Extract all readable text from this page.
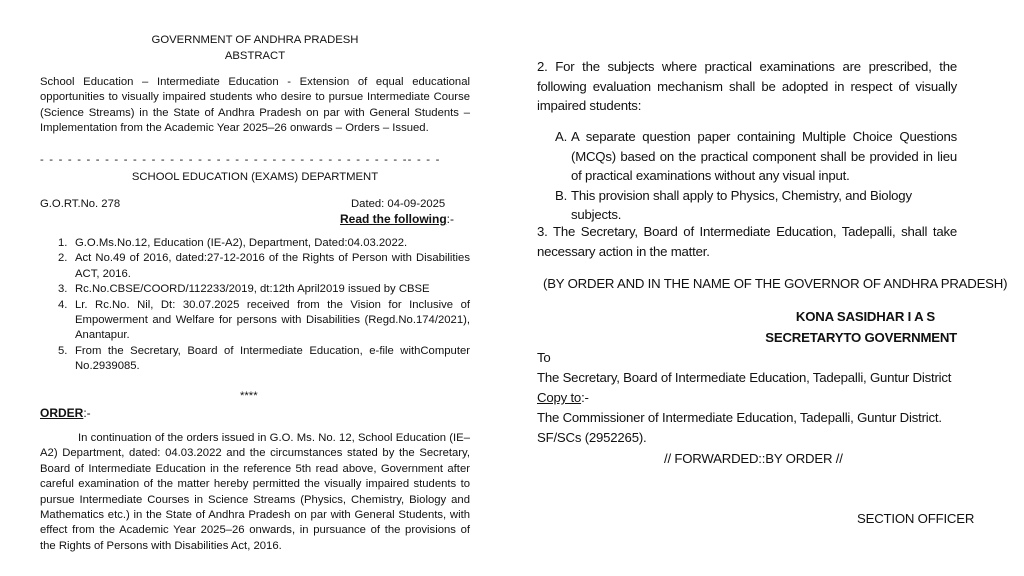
GOVERNMENT OF ANDHRA PRADESH
ABSTRACT
School Education – Intermediate Education - Extension of equal educational opportunities to visually impaired students who desire to pursue Intermediate Course (Science Streams) in the State of Andhra Pradesh on par with General Students – Implementation from the Academic Year 2025–26 onwards – Orders – Issued.
- - - - - - - - - - - - - - - - - - - - - - - - - - - - - - - - - - - - - - - -- - - -
SCHOOL EDUCATION (EXAMS) DEPARTMENT
G.O.RT.No. 278	Dated: 04-09-2025
Read the following:-
1. G.O.Ms.No.12, Education (IE-A2), Department, Dated:04.03.2022.
2. Act No.49 of 2016, dated:27-12-2016 of the Rights of Person with Disabilities ACT, 2016.
3. Rc.No.CBSE/COORD/112233/2019, dt:12th April2019 issued by CBSE
4. Lr. Rc.No. Nil, Dt: 30.07.2025 received from the Vision for Inclusive of Empowerment and Welfare for persons with Disabilities (Regd.No.174/2021), Anantapur.
5. From the Secretary, Board of Intermediate Education, e-file withComputer No.2939085.
****
ORDER:-
In continuation of the orders issued in G.O. Ms. No. 12, School Education (IE–A2) Department, dated: 04.03.2022 and the circumstances stated by the Secretary, Board of Intermediate Education in the reference 5th read above, Government after careful examination of the matter hereby permitted the visually impaired students to pursue Intermediate Courses in Science Streams (Physics, Chemistry, Biology and Mathematics etc.) in the State of Andhra Pradesh on par with General Students, with effect from the Academic Year 2025–26 onwards, in pursuance of the provisions of the Rights of Persons with Disabilities Act, 2016.
2. For the subjects where practical examinations are prescribed, the following evaluation mechanism shall be adopted in respect of visually impaired students:
A. A separate question paper containing Multiple Choice Questions (MCQs) based on the practical component shall be provided in lieu of practical examinations without any visual input.
B. This provision shall apply to Physics, Chemistry, and Biology subjects.
3. The Secretary, Board of Intermediate Education, Tadepalli, shall take necessary action in the matter.
(BY ORDER AND IN THE NAME OF THE GOVERNOR OF ANDHRA PRADESH)
KONA SASIDHAR I A S
SECRETARYTO GOVERNMENT
To
The Secretary, Board of Intermediate Education, Tadepalli, Guntur District
Copy to:-
The Commissioner of Intermediate Education, Tadepalli, Guntur District.
SF/SCs (2952265).
// FORWARDED::BY ORDER //
SECTION OFFICER
